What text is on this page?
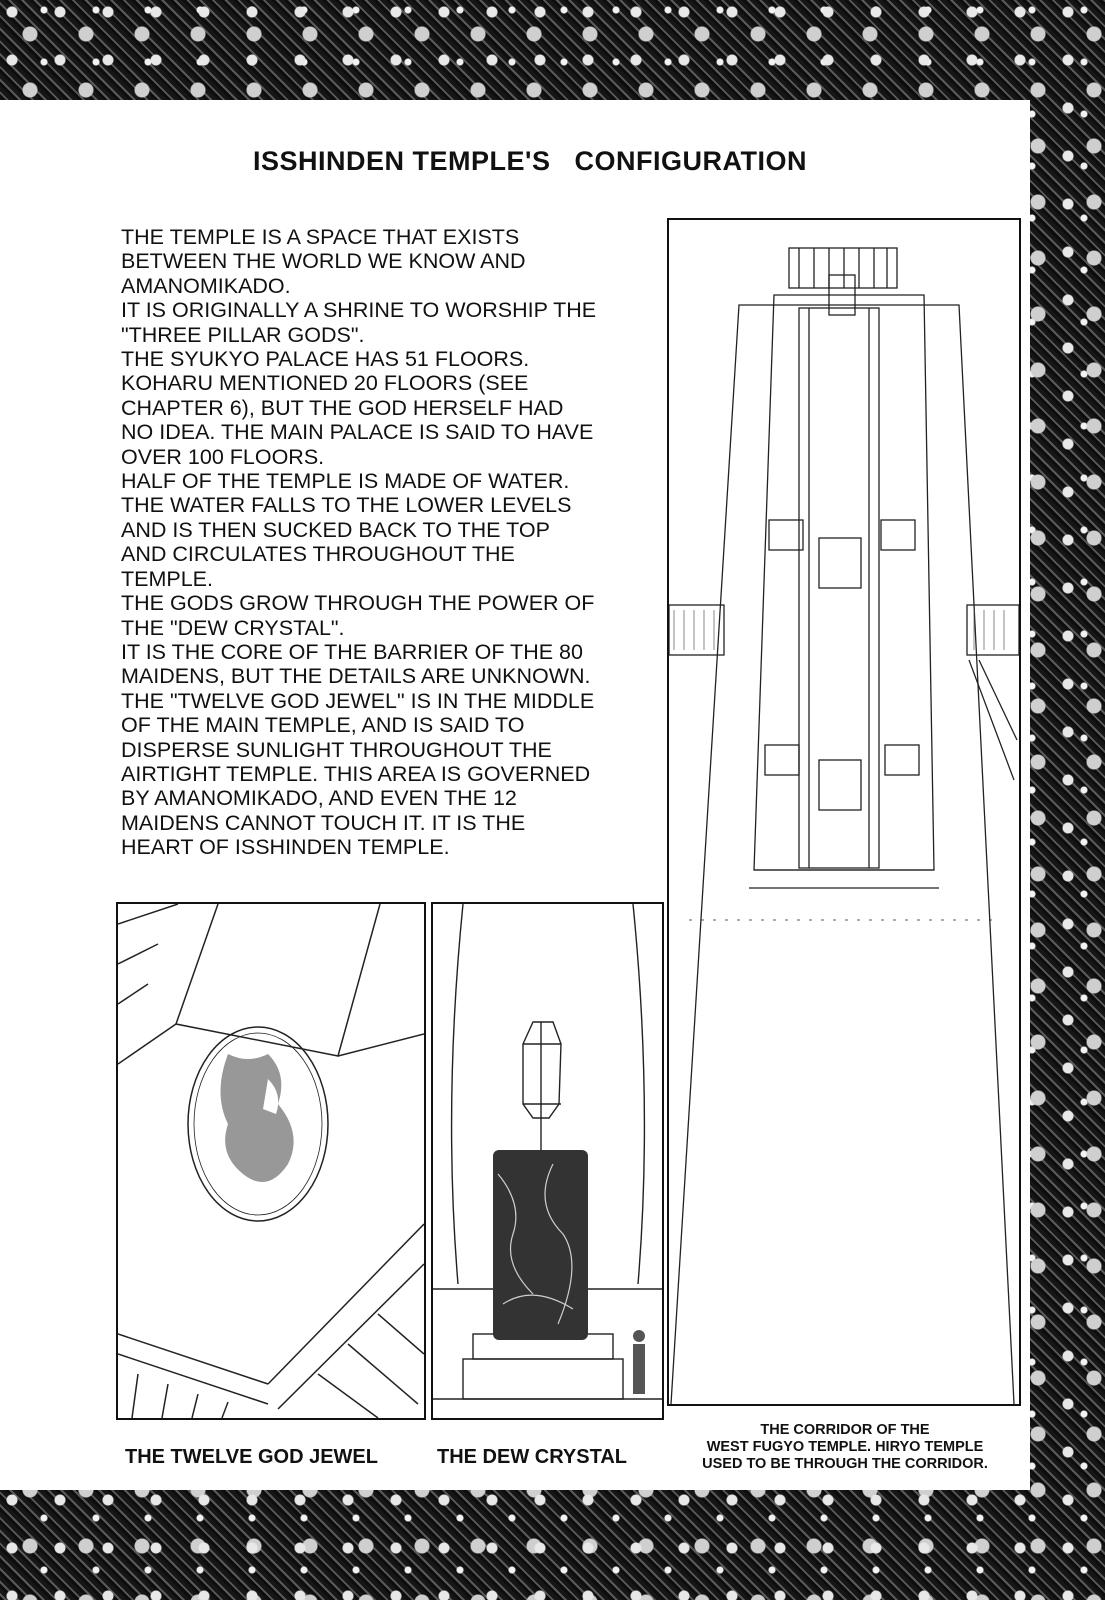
ISSHINDEN TEMPLE'S   CONFIGURATION
THE TEMPLE IS A SPACE THAT EXISTS
BETWEEN THE WORLD WE KNOW AND
AMANOMIKADO.
IT IS ORIGINALLY A SHRINE TO WORSHIP THE
"THREE PILLAR GODS".
THE SYUKYO PALACE HAS 51 FLOORS.
KOHARU MENTIONED 20 FLOORS (SEE
CHAPTER 6), BUT THE GOD HERSELF HAD
NO IDEA. THE MAIN PALACE IS SAID TO HAVE
OVER 100 FLOORS.
HALF OF THE TEMPLE IS MADE OF WATER.
THE WATER FALLS TO THE LOWER LEVELS
AND IS THEN SUCKED BACK TO THE TOP
AND CIRCULATES THROUGHOUT THE
TEMPLE.
THE GODS GROW THROUGH THE POWER OF
THE "DEW CRYSTAL".
IT IS THE CORE OF THE BARRIER OF THE 80
MAIDENS, BUT THE DETAILS ARE UNKNOWN.
THE "TWELVE GOD JEWEL" IS IN THE MIDDLE
OF THE MAIN TEMPLE, AND IS SAID TO
DISPERSE SUNLIGHT THROUGHOUT THE
AIRTIGHT TEMPLE. THIS AREA IS GOVERNED
BY AMANOMIKADO, AND EVEN THE 12
MAIDENS CANNOT TOUCH IT. IT IS THE
HEART OF ISSHINDEN TEMPLE.
THE TWELVE GOD JEWEL	THE DEW CRYSTAL
THE CORRIDOR OF THE
WEST FUGYO TEMPLE. HIRYO TEMPLE
USED TO BE THROUGH THE CORRIDOR.
